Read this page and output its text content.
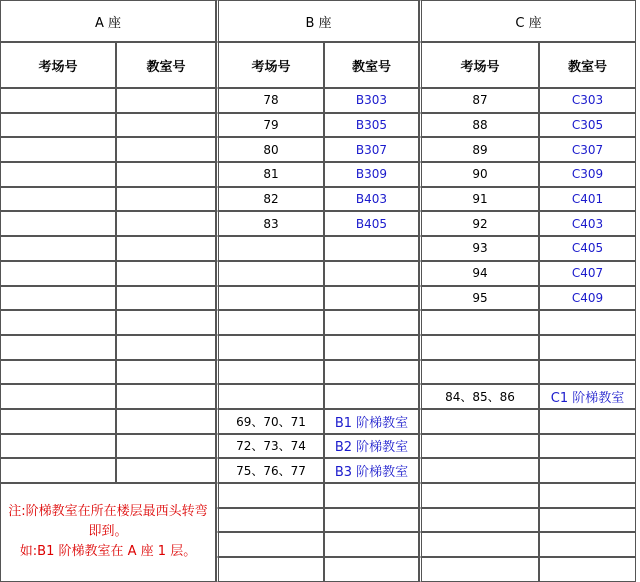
A 座		B 座		C 座	
考场号	教室号	考场号	教室号	考场号	教室号
		78	B303	87	C303
		79	B305	88	C305
		80	B307	89	C307
		81	B309	90	C309
		82	B403	91	C401
		83	B405	92	C403
				93	C405
				94	C407
				95	C409

				84、85、86	C1 阶梯教室
		69、70、71	B1 阶梯教室		
		72、73、74	B2 阶梯教室		
		75、76、77	B3 阶梯教室		

注:阶梯教室在所在楼层最西头转弯即到。
如:B1 阶梯教室在 A 座 1 层。					
